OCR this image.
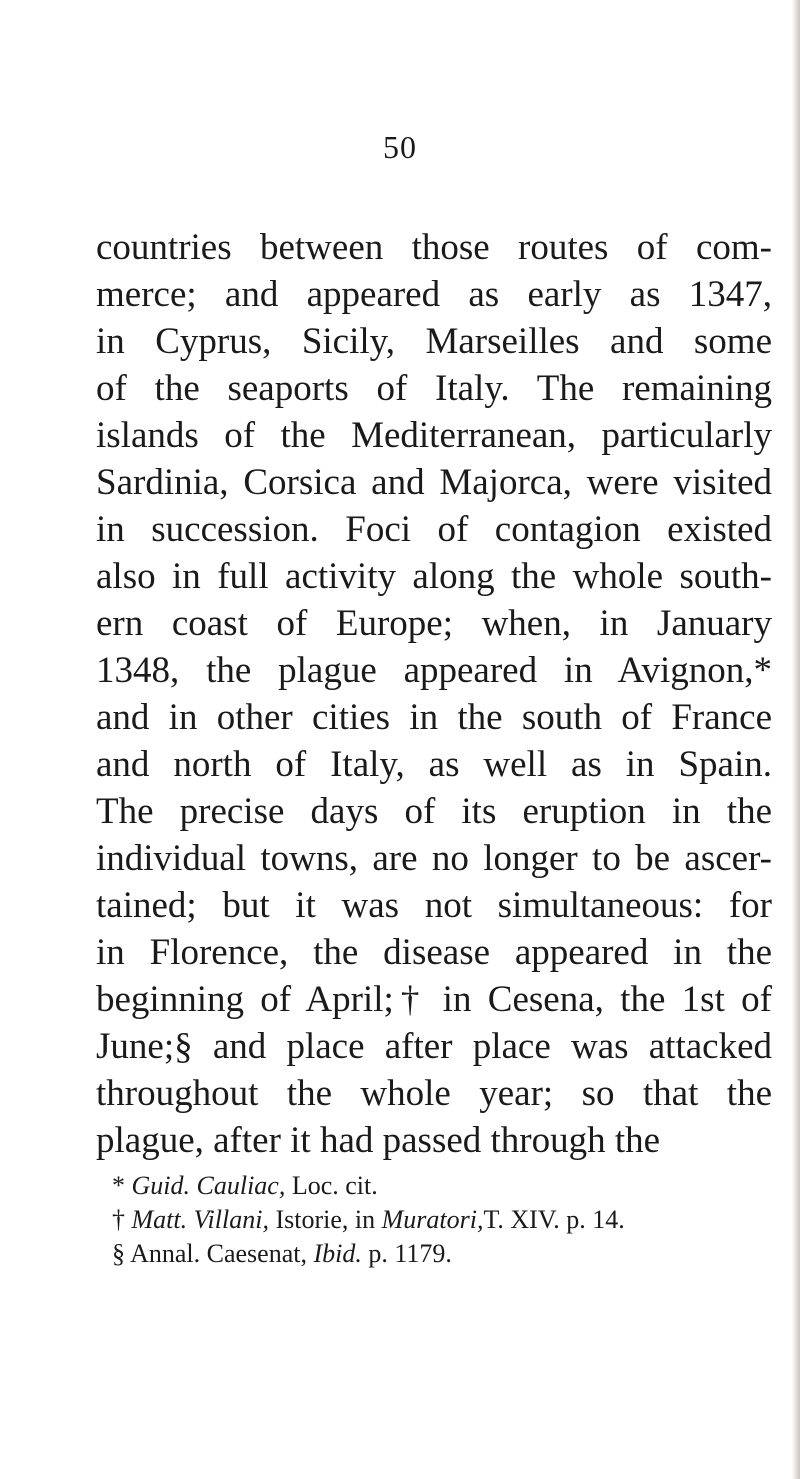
50
countries between those routes of com-
merce; and appeared as early as 1347,
in Cyprus, Sicily, Marseilles and some
of the seaports of Italy. The remaining
islands of the Mediterranean, particularly
Sardinia, Corsica and Majorca, were visited
in succession. Foci of contagion existed
also in full activity along the whole south-
ern coast of Europe; when, in January
1348, the plague appeared in Avignon,*
and in other cities in the south of France
and north of Italy, as well as in Spain.
The precise days of its eruption in the
individual towns, are no longer to be ascer-
tained; but it was not simultaneous: for
in Florence, the disease appeared in the
beginning of April;† in Cesena, the 1st of
June;§ and place after place was attacked
throughout the whole year; so that the
plague, after it had passed through the
* Guid. Cauliac, Loc. cit.
† Matt. Villani, Istorie, in Muratori,T. XIV. p. 14.
§ Annal. Caesenat, Ibid. p. 1179.
